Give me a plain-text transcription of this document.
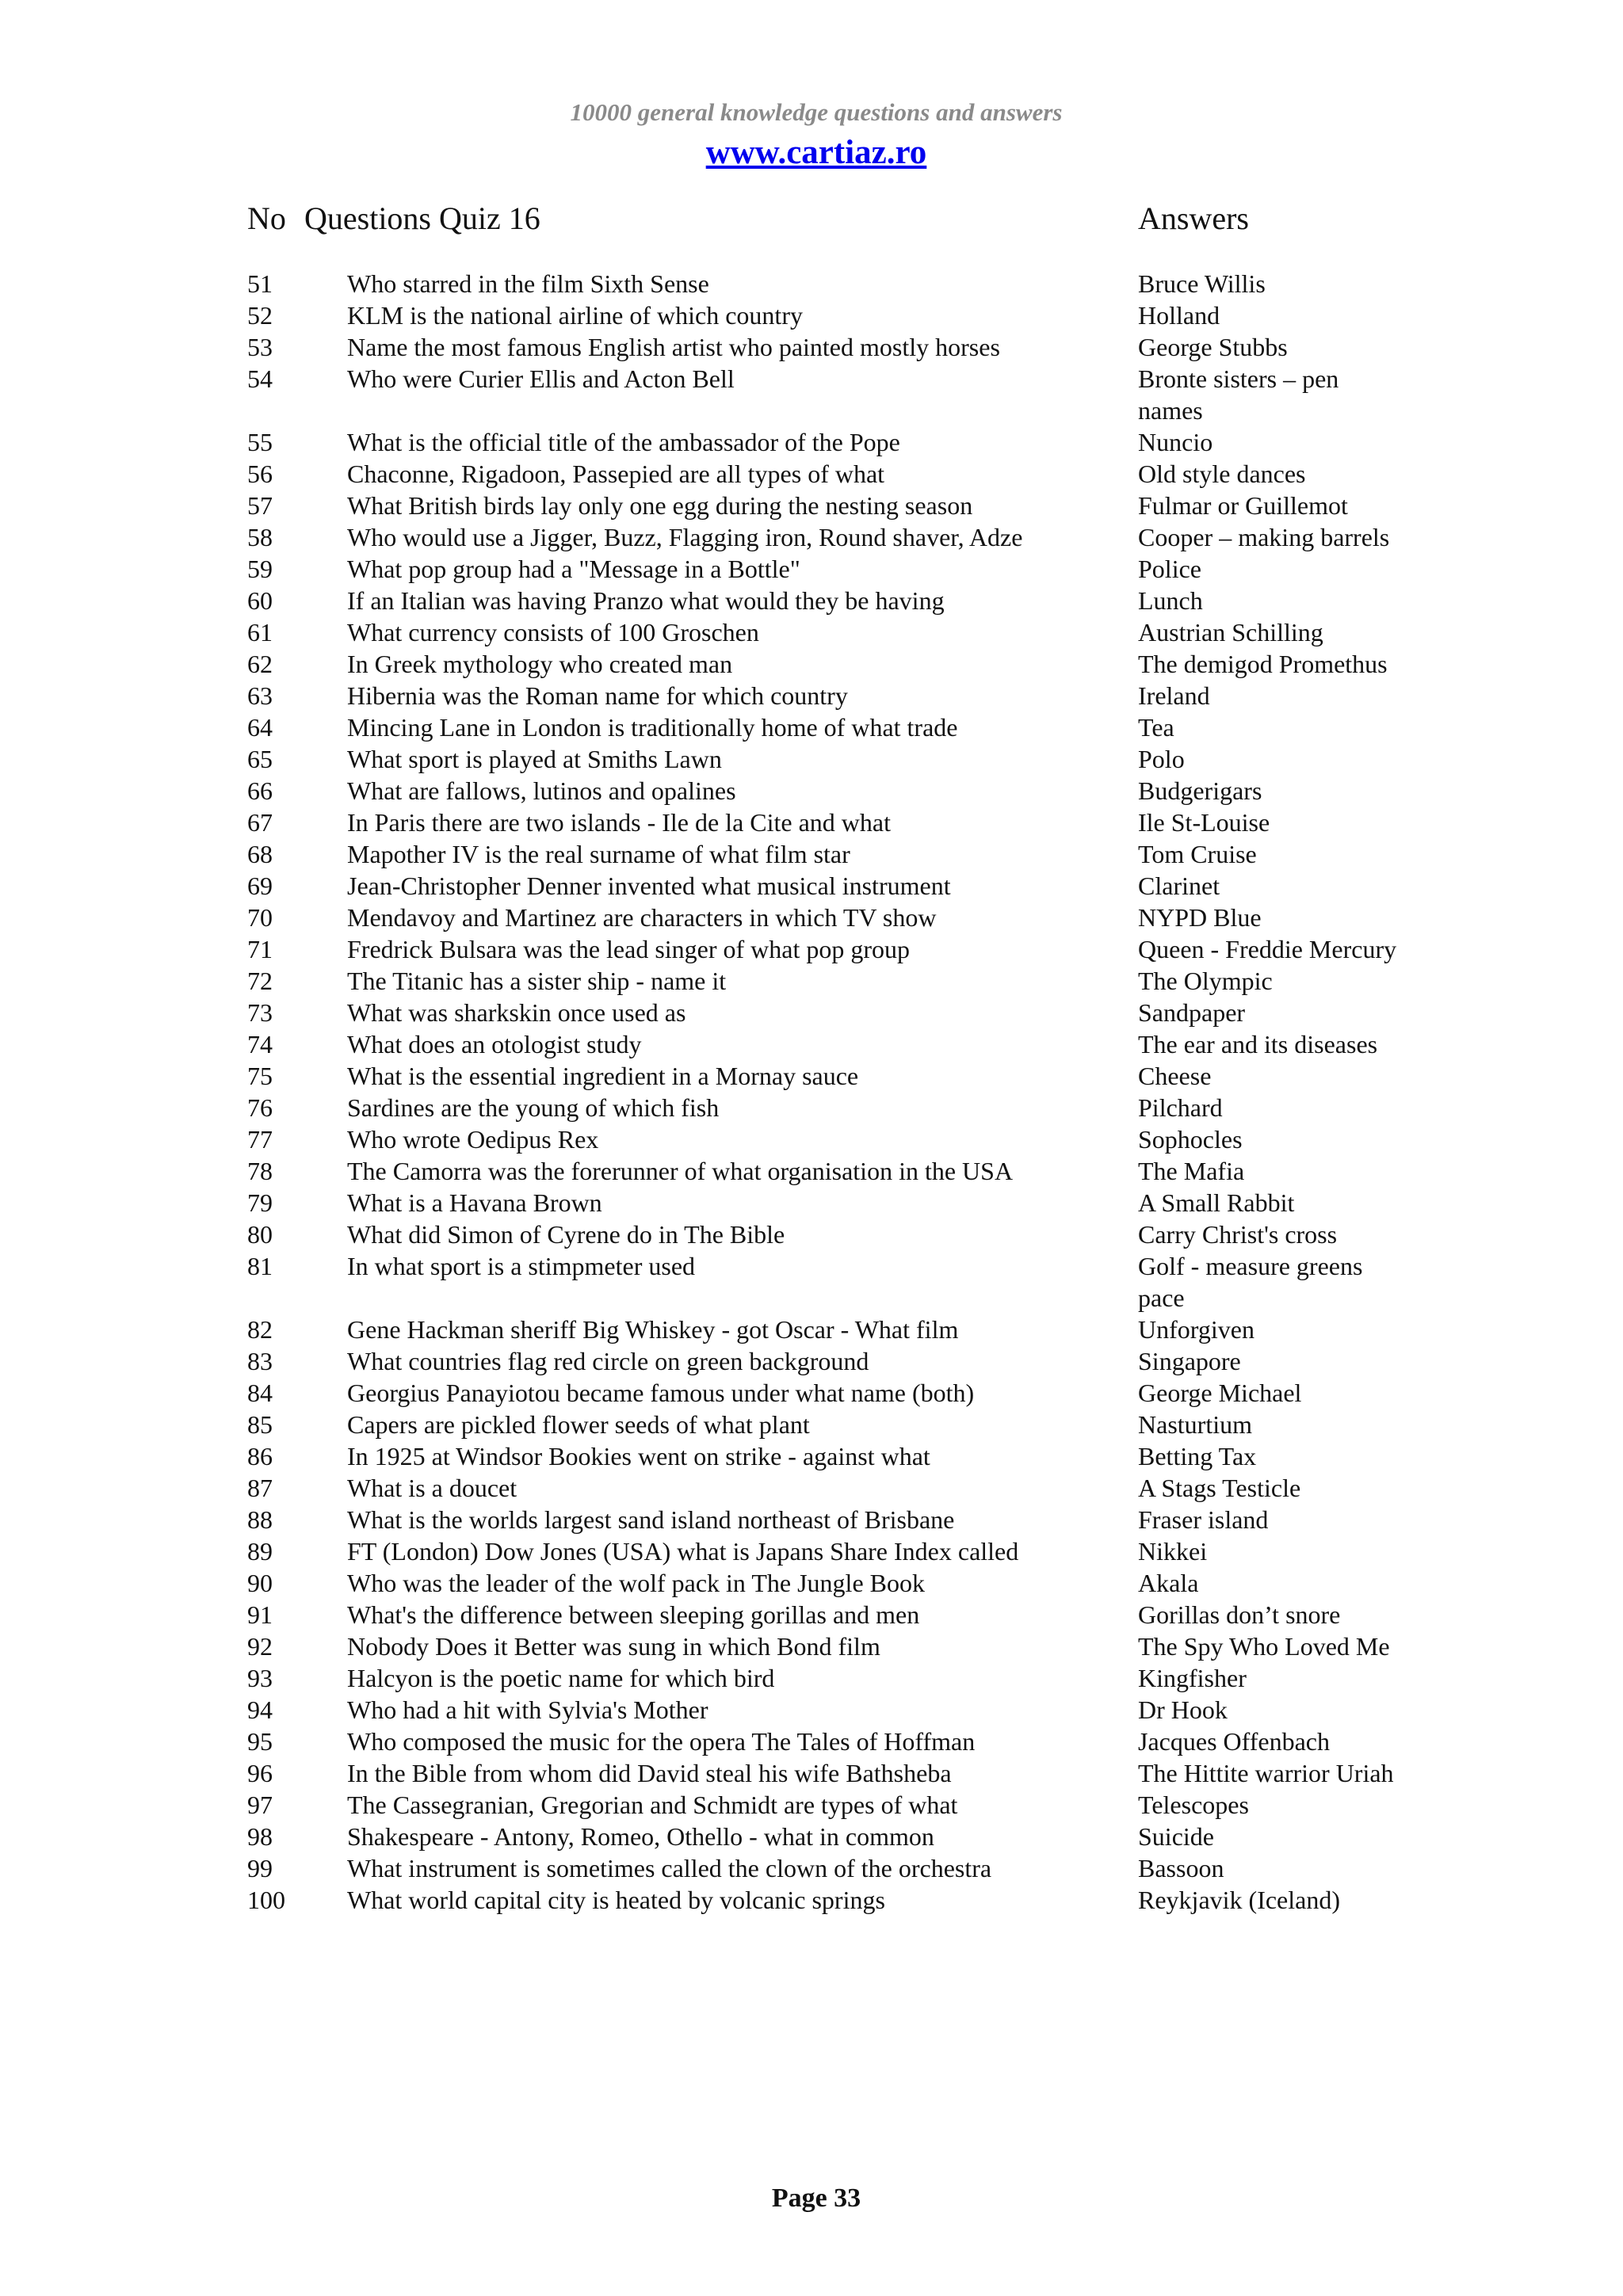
10000 general knowledge questions and answers
www.cartiaz.ro
No Questions Quiz 16	Answers
51	Who starred in the film Sixth Sense	Bruce Willis
52	KLM is the national airline of which country	Holland
53	Name the most famous English artist who painted mostly horses	George Stubbs
54	Who were Curier Ellis and Acton Bell	Bronte sisters – pen names
55	What is the official title of the ambassador of the Pope	Nuncio
56	Chaconne, Rigadoon, Passepied are all types of what	Old style dances
57	What British birds lay only one egg during the nesting season	Fulmar or Guillemot
58	Who would use a Jigger, Buzz, Flagging iron, Round shaver, Adze	Cooper – making barrels
59	What pop group had a "Message in a Bottle"	Police
60	If an Italian was having Pranzo what would they be having	Lunch
61	What currency consists of 100 Groschen	Austrian Schilling
62	In Greek mythology who created man	The demigod Promethus
63	Hibernia was the Roman name for which country	Ireland
64	Mincing Lane in London is traditionally home of what trade	Tea
65	What sport is played at Smiths Lawn	Polo
66	What are fallows, lutinos and opalines	Budgerigars
67	In Paris there are two islands - Ile de la Cite and what	Ile St-Louise
68	Mapother IV is the real surname of what film star	Tom Cruise
69	Jean-Christopher Denner invented what musical instrument	Clarinet
70	Mendavoy and Martinez are characters in which TV show	NYPD Blue
71	Fredrick Bulsara was the lead singer of what pop group	Queen - Freddie Mercury
72	The Titanic has a sister ship - name it	The Olympic
73	What was sharkskin once used as	Sandpaper
74	What does an otologist study	The ear and its diseases
75	What is the essential ingredient in a Mornay sauce	Cheese
76	Sardines are the young of which fish	Pilchard
77	Who wrote Oedipus Rex	Sophocles
78	The Camorra was the forerunner of what organisation in the USA	The Mafia
79	What is a Havana Brown	A Small Rabbit
80	What did Simon of Cyrene do in The Bible	Carry Christ's cross
81	In what sport is a stimpmeter used	Golf - measure greens pace
82	Gene Hackman sheriff Big Whiskey - got Oscar - What film	Unforgiven
83	What countries flag red circle on green background	Singapore
84	Georgius Panayiotou became famous under what name (both)	George Michael
85	Capers are pickled flower seeds of what plant	Nasturtium
86	In 1925 at Windsor Bookies went on strike - against what	Betting Tax
87	What is a doucet	A Stags Testicle
88	What is the worlds largest sand island northeast of Brisbane	Fraser island
89	FT (London) Dow Jones (USA) what is Japans Share Index called	Nikkei
90	Who was the leader of the wolf pack in The Jungle Book	Akala
91	What's the difference between sleeping gorillas and men	Gorillas don’t snore
92	Nobody Does it Better was sung in which Bond film	The Spy Who Loved Me
93	Halcyon is the poetic name for which bird	Kingfisher
94	Who had a hit with Sylvia's Mother	Dr Hook
95	Who composed the music for the opera The Tales of Hoffman	Jacques Offenbach
96	In the Bible from whom did David steal his wife Bathsheba	The Hittite warrior Uriah
97	The Cassegranian, Gregorian and Schmidt are types of what	Telescopes
98	Shakespeare - Antony, Romeo, Othello - what in common	Suicide
99	What instrument is sometimes called the clown of the orchestra	Bassoon
100	What world capital city is heated by volcanic springs	Reykjavik (Iceland)
Page 33
